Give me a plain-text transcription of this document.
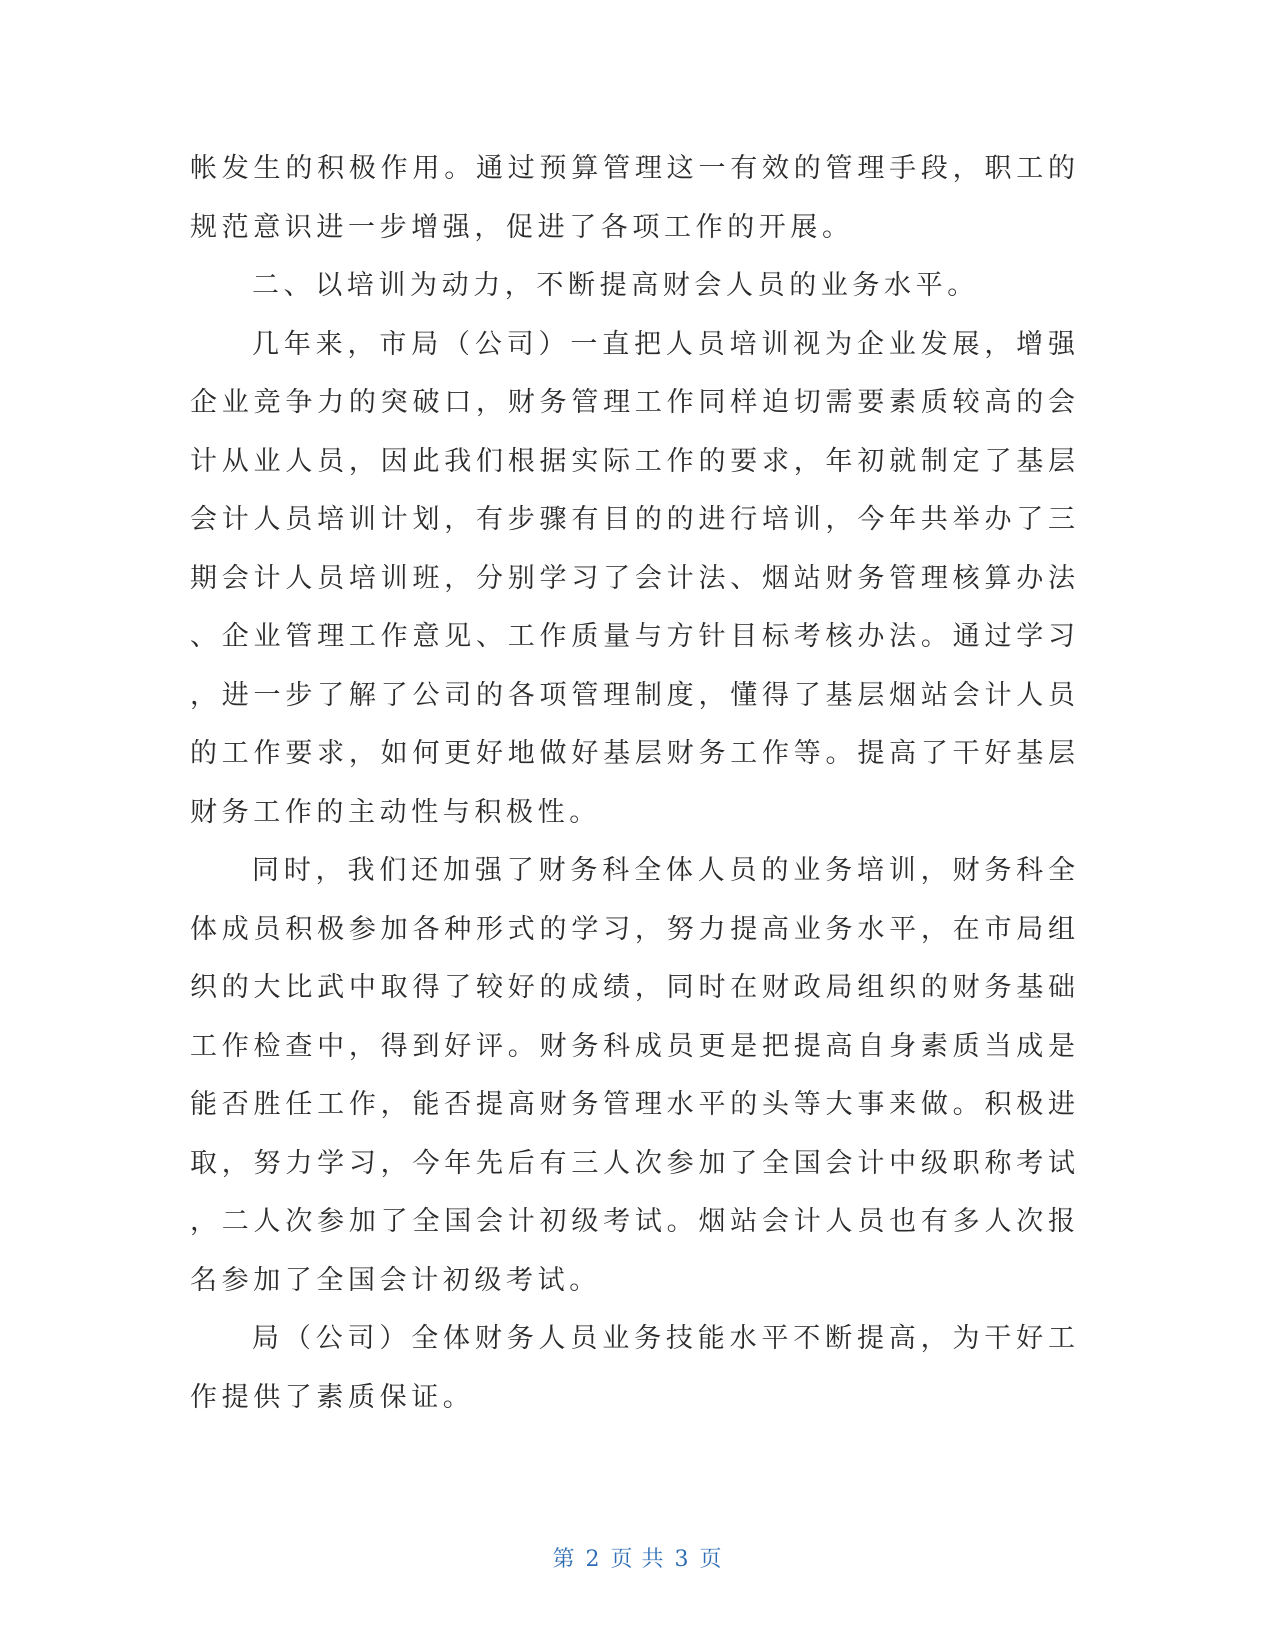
帐发生的积极作用。通过预算管理这一有效的管理手段，职工的
规范意识进一步增强，促进了各项工作的开展。
二、以培训为动力，不断提高财会人员的业务水平。
几年来，市局（公司）一直把人员培训视为企业发展，增强
企业竞争力的突破口，财务管理工作同样迫切需要素质较高的会
计从业人员，因此我们根据实际工作的要求，年初就制定了基层
会计人员培训计划，有步骤有目的的进行培训，今年共举办了三
期会计人员培训班，分别学习了会计法、烟站财务管理核算办法
、企业管理工作意见、工作质量与方针目标考核办法。通过学习
，进一步了解了公司的各项管理制度，懂得了基层烟站会计人员
的工作要求，如何更好地做好基层财务工作等。提高了干好基层
财务工作的主动性与积极性。
同时，我们还加强了财务科全体人员的业务培训，财务科全
体成员积极参加各种形式的学习，努力提高业务水平，在市局组
织的大比武中取得了较好的成绩，同时在财政局组织的财务基础
工作检查中，得到好评。财务科成员更是把提高自身素质当成是
能否胜任工作，能否提高财务管理水平的头等大事来做。积极进
取，努力学习，今年先后有三人次参加了全国会计中级职称考试
，二人次参加了全国会计初级考试。烟站会计人员也有多人次报
名参加了全国会计初级考试。
局（公司）全体财务人员业务技能水平不断提高，为干好工
作提供了素质保证。
第 2 页 共 3 页
